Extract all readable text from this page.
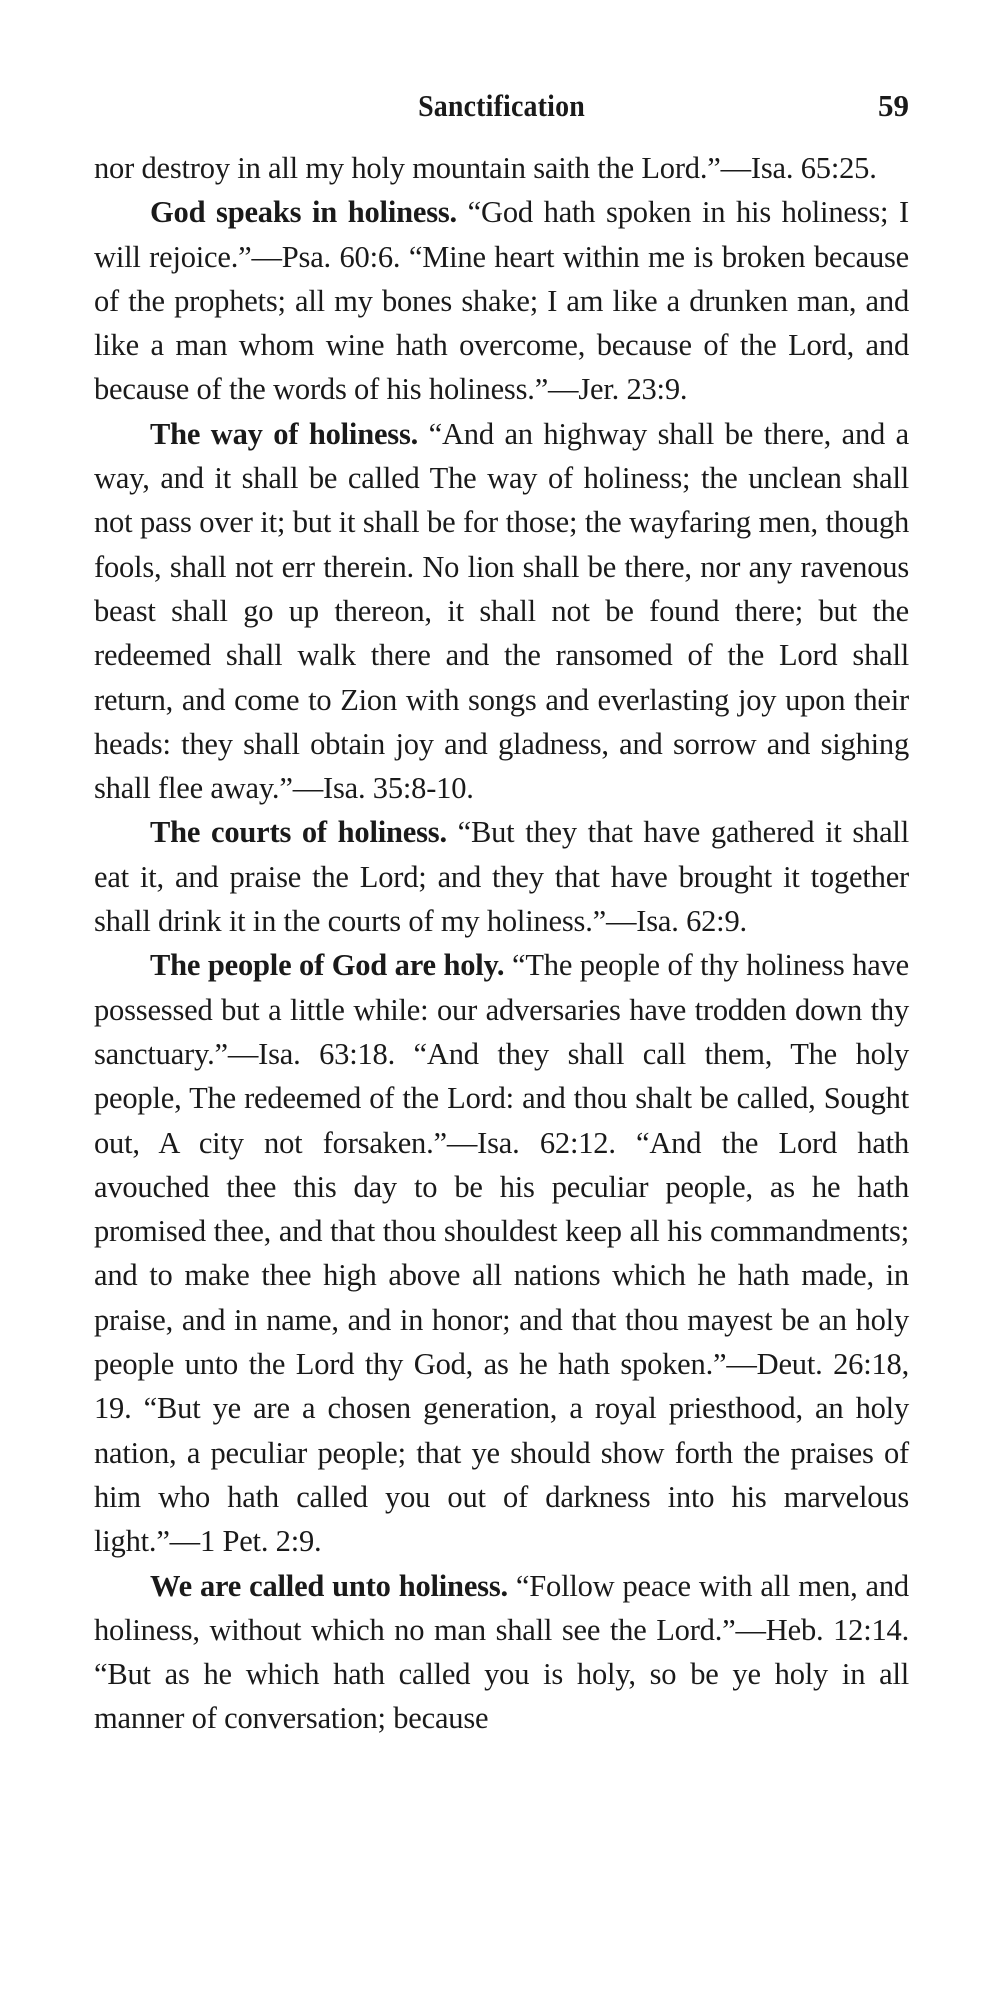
Sanctification	59

nor destroy in all my holy mountain saith the Lord.”—Isa. 65:25.

God speaks in holiness. “God hath spoken in his holiness; I will rejoice.”—Psa. 60:6. “Mine heart within me is broken because of the prophets; all my bones shake; I am like a drunken man, and like a man whom wine hath overcome, because of the Lord, and because of the words of his holiness.”—Jer. 23:9.

The way of holiness. “And an highway shall be there, and a way, and it shall be called The way of holiness; the unclean shall not pass over it; but it shall be for those; the wayfaring men, though fools, shall not err therein. No lion shall be there, nor any ravenous beast shall go up thereon, it shall not be found there; but the redeemed shall walk there and the ransomed of the Lord shall return, and come to Zion with songs and everlasting joy upon their heads: they shall obtain joy and gladness, and sorrow and sighing shall flee away.”—Isa. 35:8-10.

The courts of holiness. “But they that have gathered it shall eat it, and praise the Lord; and they that have brought it together shall drink it in the courts of my holiness.”—Isa. 62:9.

The people of God are holy. “The people of thy holiness have possessed but a little while: our adversaries have trodden down thy sanctuary.”—Isa. 63:18. “And they shall call them, The holy people, The redeemed of the Lord: and thou shalt be called, Sought out, A city not forsaken.”—Isa. 62:12. “And the Lord hath avouched thee this day to be his peculiar people, as he hath promised thee, and that thou shouldest keep all his commandments; and to make thee high above all nations which he hath made, in praise, and in name, and in honor; and that thou mayest be an holy people unto the Lord thy God, as he hath spoken.”—Deut. 26:18, 19. “But ye are a chosen generation, a royal priesthood, an holy nation, a peculiar people; that ye should show forth the praises of him who hath called you out of darkness into his marvelous light.”—1 Pet. 2:9.

We are called unto holiness. “Follow peace with all men, and holiness, without which no man shall see the Lord.”—Heb. 12:14. “But as he which hath called you is holy, so be ye holy in all manner of conversation; because
